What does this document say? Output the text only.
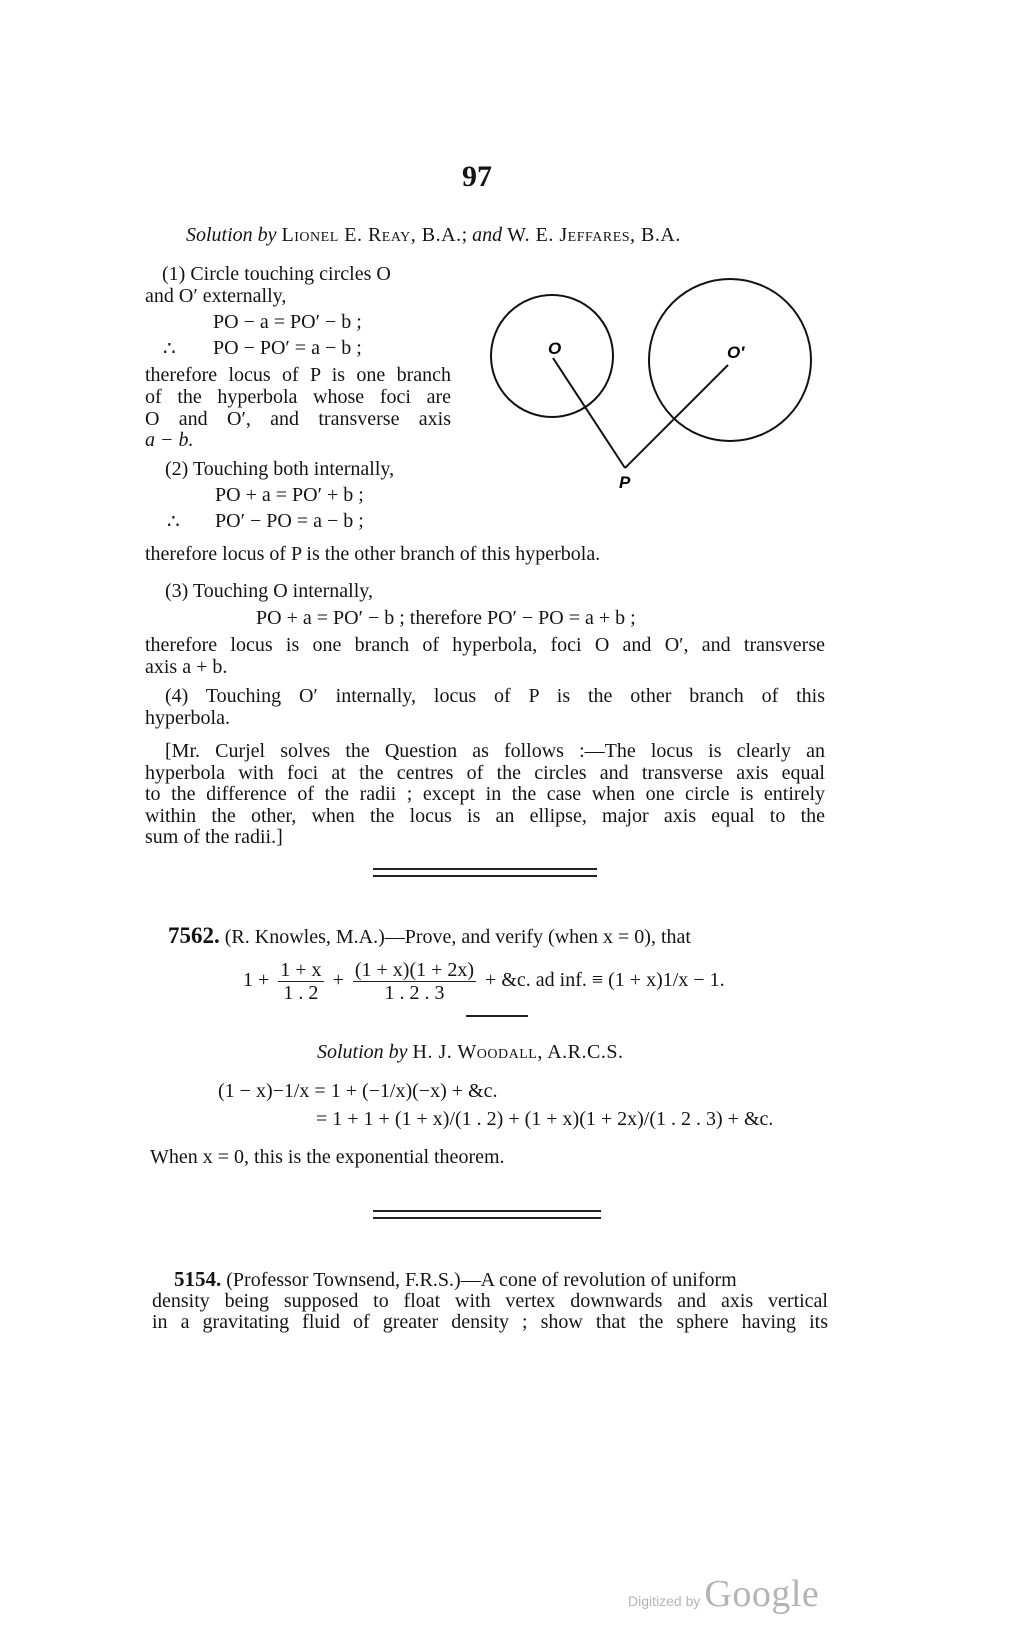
97
Solution by Lionel E. Reay, B.A.; and W. E. Jeffares, B.A.
(1) Circle touching circles O
and O′ externally,
PO − a = PO′ − b ;
∴ PO − PO′ = a − b ;
therefore locus of P is one branch
of the hyperbola whose foci are
O and O′, and transverse axis
a − b.
(2) Touching both internally,
PO + a = PO′ + b ;
∴ PO′ − PO = a − b ;
therefore locus of P is the other branch of this hyperbola.
O	O′
P
(3) Touching O internally,
PO + a = PO′ − b ; therefore PO′ − PO = a + b ;
therefore locus is one branch of hyperbola, foci O and O′, and transverse
axis a + b.
(4) Touching O′ internally, locus of P is the other branch of this
hyperbola.
[Mr. Curjel solves the Question as follows :—The locus is clearly an
hyperbola with foci at the centres of the circles and transverse axis equal
to the difference of the radii ; except in the case when one circle is entirely
within the other, when the locus is an ellipse, major axis equal to the
sum of the radii.]
7562. (R. Knowles, M.A.)—Prove, and verify (when x = 0), that
$1 + \frac{1 + x}{1 . 2} + \frac{(1 + x)(1 + 2x)}{1 . 2 . 3}$ + &c. ad inf. ≡ (1 + x)1/x − 1.
Solution by H. J. Woodall, A.R.C.S.
(1 − x)−1/x = 1 + (−1/x)(−x) + &c.
= 1 + 1 + (1 + x)/(1 . 2) + (1 + x)(1 + 2x)/(1 . 2 . 3) + &c.
When x = 0, this is the exponential theorem.
5154. (Professor Townsend, F.R.S.)—A cone of revolution of uniform
density being supposed to float with vertex downwards and axis vertical
in a gravitating fluid of greater density ; show that the sphere having its
Digitized by Google
